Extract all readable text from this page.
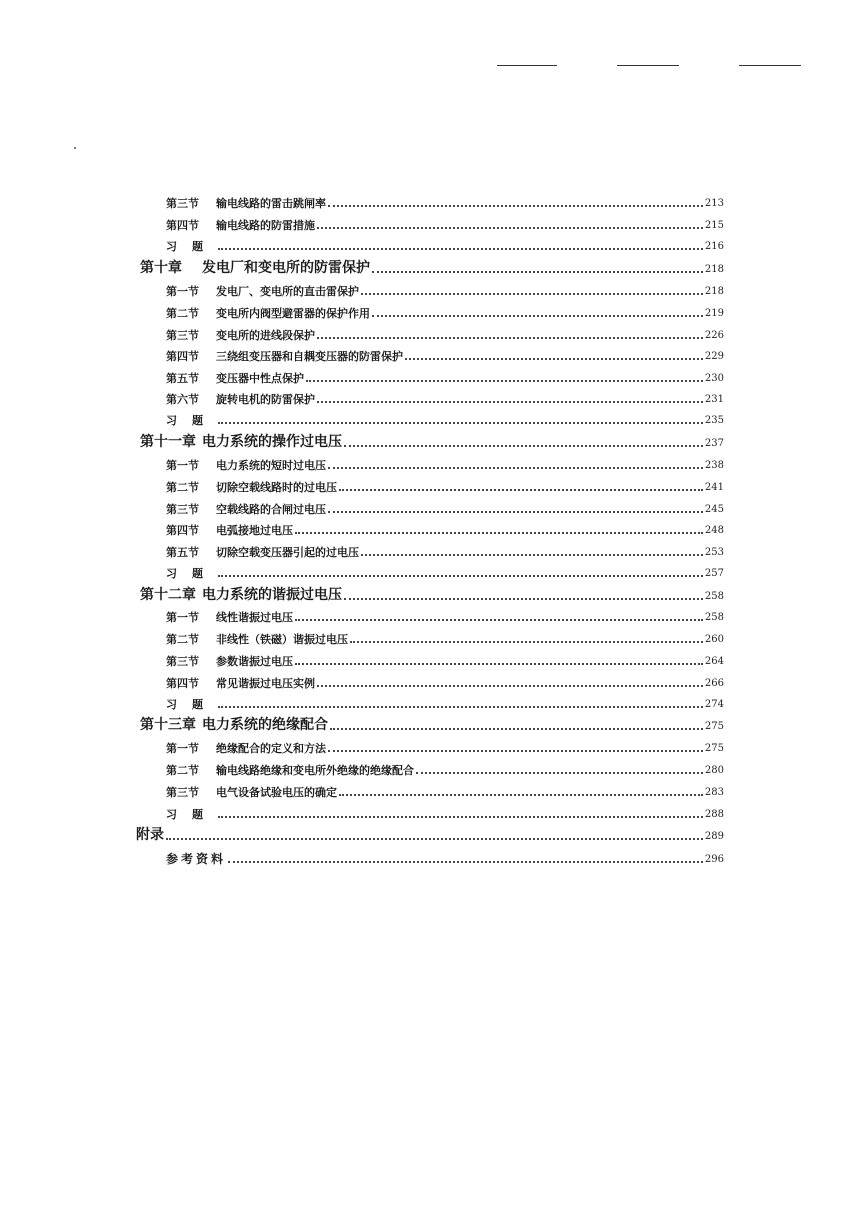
第三节	输电线路的雷击跳闸率	213
第四节	输电线路的防雷措施	215
习题	216
第十章	发电厂和变电所的防雷保护	218
第一节	发电厂、变电所的直击雷保护	218
第二节	变电所内阀型避雷器的保护作用	219
第三节	变电所的进线段保护	226
第四节	三绕组变压器和自耦变压器的防雷保护	229
第五节	变压器中性点保护	230
第六节	旋转电机的防雷保护	231
习题	235
第十一章 电力系统的操作过电压	237
第一节	电力系统的短时过电压	238
第二节	切除空载线路时的过电压	241
第三节	空载线路的合闸过电压	245
第四节	电弧接地过电压	248
第五节	切除空载变压器引起的过电压	253
习题	257
第十二章 电力系统的谐振过电压	258
第一节	线性谐振过电压	258
第二节	非线性（铁磁）谐振过电压	260
第三节	参数谐振过电压	264
第四节	常见谐振过电压实例	266
习题	274
第十三章 电力系统的绝缘配合	275
第一节	绝缘配合的定义和方法	275
第二节	输电线路绝缘和变电所外绝缘的绝缘配合	280
第三节	电气设备试验电压的确定	283
习题	288
附录	289
参考资料	296
